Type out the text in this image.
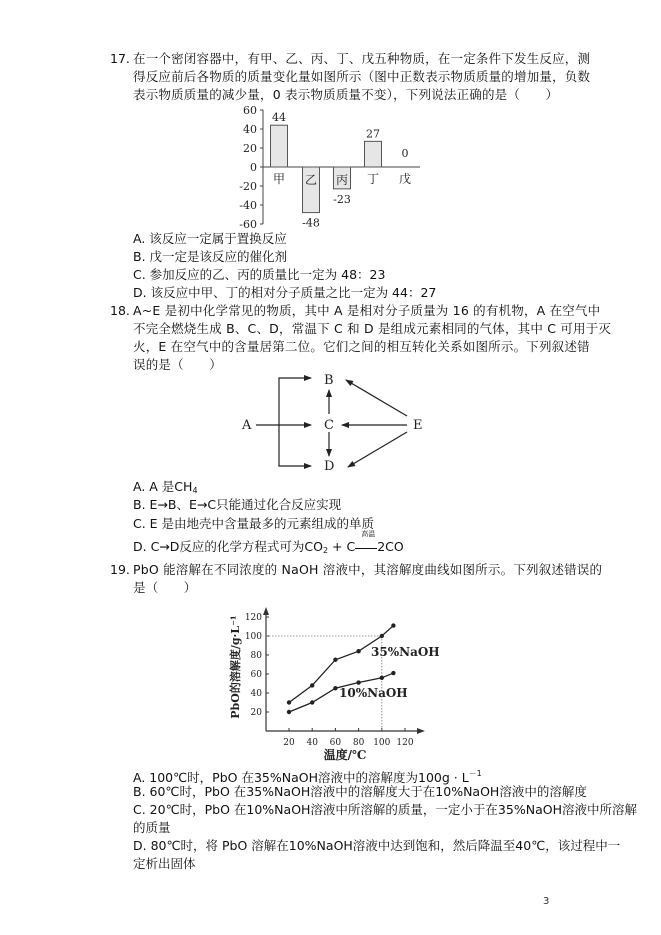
17. 在一个密闭容器中，有甲、乙、丙、丁、戊五种物质，在一定条件下发生反应，测
得反应前后各物质的质量变化量如图所示（图中正数表示物质质量的增加量，负数
表示物质质量的减少量，0 表示物质质量不变），下列说法正确的是（　　）
60
40
20
0
-20
-40
-60
甲
44
乙
-48
丙
-23
丁
27
戊
0
A. 该反应一定属于置换反应
B. 戊一定是该反应的催化剂
C. 参加反应的乙、丙的质量比一定为 48：23
D. 该反应中甲、丁的相对分子质量之比一定为 44：27
18. A~E 是初中化学常见的物质，其中 A 是相对分子质量为 16 的有机物，A 在空气中
不完全燃烧生成 B、C、D，常温下 C 和 D 是组成元素相同的气体，其中 C 可用于灭
火，E 在空气中的含量居第二位。它们之间的相互转化关系如图所示。下列叙述错
误的是（　　）
A
B
C
D
E
A. A 是$CH_4$
B. E→B、E→C只能通过化合反应实现
C. E 是由地壳中含量最多的元素组成的单质
D. C→D反应的化学方程式可为$CO_2 + C$
高温
2CO
19. PbO 能溶解在不同浓度的 NaOH 溶液中，其溶解度曲线如图所示。下列叙述错误的
是（　　）
20
40
60
80
100
120
20 40 60 80 100 120
温度/℃
PbO的溶解度/g·L⁻¹	35%NaOH
10%NaOH
A. 100℃时，PbO 在35%NaOH溶液中的溶解度为$100g \cdot L^{-1}$
B. 60℃时，PbO 在35%NaOH溶液中的溶解度大于在10%NaOH溶液中的溶解度
C. 20℃时，PbO 在10%NaOH溶液中所溶解的质量，一定小于在35%NaOH溶液中所溶解
的质量
D. 80℃时，将 PbO 溶解在10%NaOH溶液中达到饱和，然后降温至40℃，该过程中一
定析出固体
3
